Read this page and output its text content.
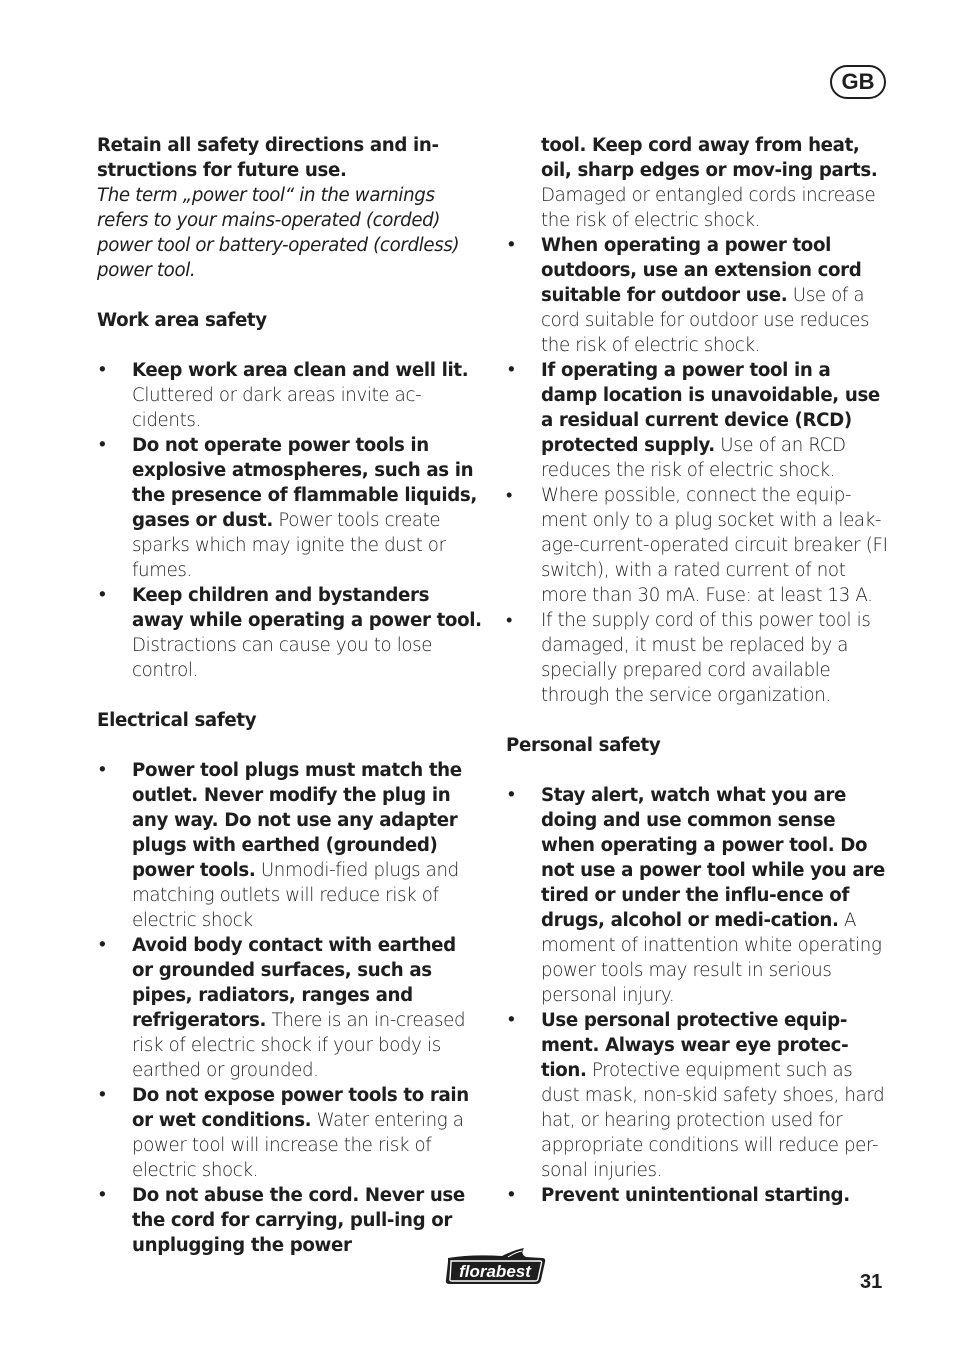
GB

Retain all safety directions and in-structions for future use.

The term „power tool“ in the warnings refers to your mains-operated (corded) power tool or battery-operated (cordless) power tool.

Work area safety

• Keep work area clean and well lit. Cluttered or dark areas invite ac-cidents.
• Do not operate power tools in explosive atmospheres, such as in the presence of flammable liquids, gases or dust. Power tools create sparks which may ignite the dust or fumes.
• Keep children and bystanders away while operating a power tool. Distractions can cause you to lose control.

Electrical safety

• Power tool plugs must match the outlet. Never modify the plug in any way. Do not use any adapter plugs with earthed (grounded) power tools. Unmodi-fied plugs and matching outlets will reduce risk of electric shock
• Avoid body contact with earthed or grounded surfaces, such as pipes, radiators, ranges and refrigerators. There is an in-creased risk of electric shock if your body is earthed or grounded.
• Do not expose power tools to rain or wet conditions. Water entering a power tool will increase the risk of electric shock.
• Do not abuse the cord. Never use the cord for carrying, pull-ing or unplugging the power
tool. Keep cord away from heat, oil, sharp edges or mov-ing parts. Damaged or entangled cords increase the risk of electric shock.
• When operating a power tool outdoors, use an extension cord suitable for outdoor use. Use of a cord suitable for outdoor use reduces the risk of electric shock.
• If operating a power tool in a damp location is unavoidable, use a residual current device (RCD) protected supply. Use of an RCD reduces the risk of electric shock.
• Where possible, connect the equip-ment only to a plug socket with a leak-age-current-operated circuit breaker (FI switch), with a rated current of not more than 30 mA. Fuse: at least 13 A.
• If the supply cord of this power tool is damaged, it must be replaced by a specially prepared cord available through the service organization.

Personal safety

• Stay alert, watch what you are doing and use common sense when operating a power tool. Do not use a power tool while you are tired or under the influ-ence of drugs, alcohol or medi-cation. A moment of inattention white operating power tools may result in serious personal injury.
• Use personal protective equip-ment. Always wear eye protec-tion. Protective equipment such as dust mask, non-skid safety shoes, hard hat, or hearing protection used for appropriate conditions will reduce per-sonal injuries.
• Prevent unintentional starting.
florabest	31
